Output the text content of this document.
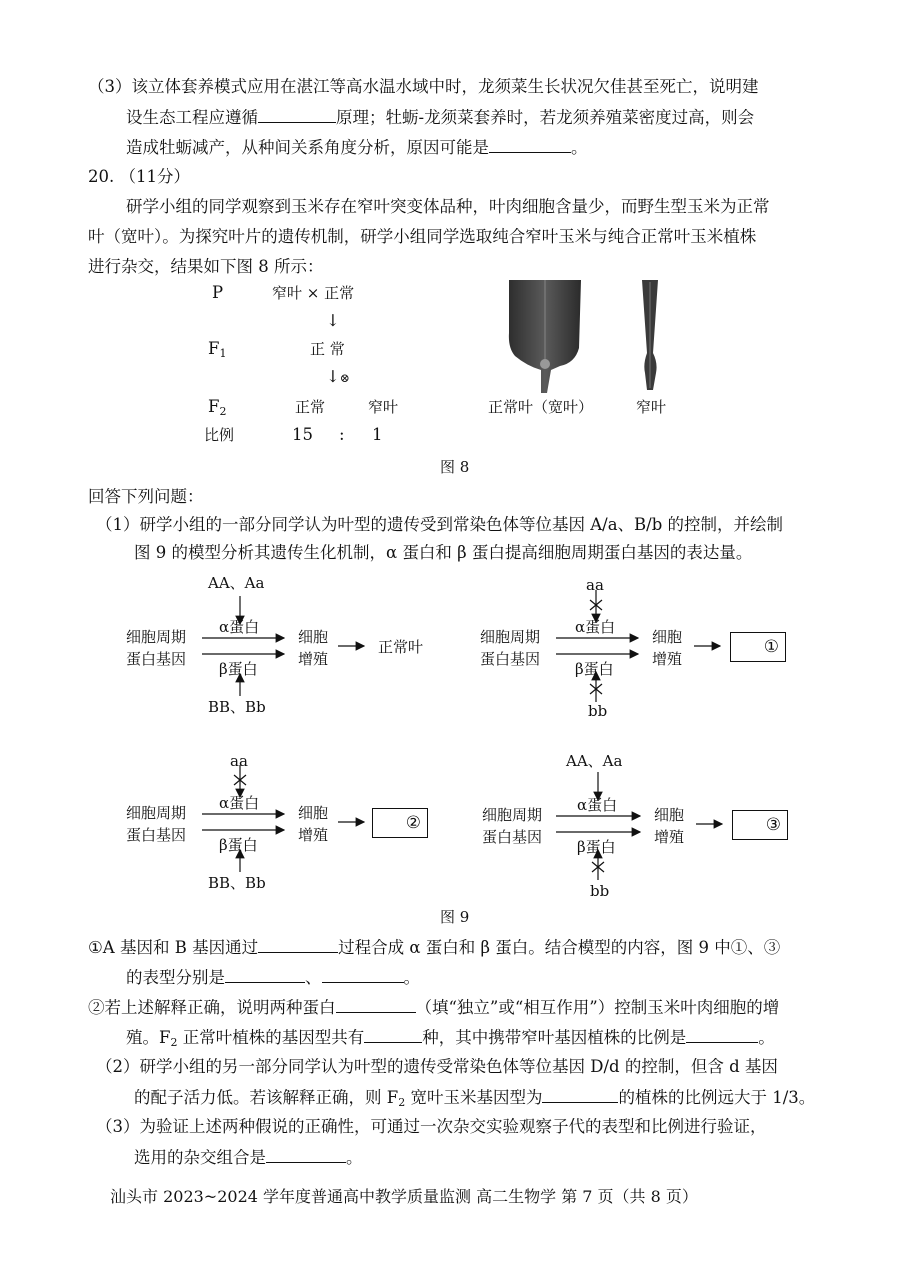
（3）该立体套养模式应用在湛江等高水温水域中时，龙须菜生长状况欠佳甚至死亡，说明建
设生态工程应遵循	原理；牡蛎-龙须菜套养时，若龙须养殖菜密度过高，则会
造成牡蛎减产，从种间关系角度分析，原因可能是	。
20. （11分）
研学小组的同学观察到玉米存在窄叶突变体品种，叶肉细胞含量少，而野生型玉米为正常
叶（宽叶）。为探究叶片的遗传机制，研学小组同学选取纯合窄叶玉米与纯合正常叶玉米植株
进行杂交，结果如下图 8 所示：
P	窄叶 × 正常
↓
$F_1$	正 常
↓⊗
$F_2$	正常	窄叶
比例	15 : 1
正常叶（宽叶）	窄叶
图 8
回答下列问题：
（1）研学小组的一部分同学认为叶型的遗传受到常染色体等位基因 A/a、B/b 的控制，并绘制
图 9 的模型分析其遗传生化机制，α 蛋白和 β 蛋白提高细胞周期蛋白基因的表达量。
AA、Aa
α蛋白
细胞周期
蛋白基因
β蛋白
细胞
增殖
正常叶
BB、Bb
aa
α蛋白
细胞周期
蛋白基因
β蛋白
细胞
增殖
①
bb
aa
α蛋白
细胞周期
蛋白基因
β蛋白
细胞
增殖
②
BB、Bb
AA、Aa
α蛋白
细胞周期
蛋白基因
β蛋白
细胞
增殖
③
bb
图 9
①A 基因和 B 基因通过	过程合成 α 蛋白和 β 蛋白。结合模型的内容，图 9 中①、③
的表型分别是	、	。
②若上述解释正确，说明两种蛋白	（填“独立”或“相互作用”）控制玉米叶肉细胞的增
殖。$F_2$ 正常叶植株的基因型共有	种，其中携带窄叶基因植株的比例是	。
（2）研学小组的另一部分同学认为叶型的遗传受常染色体等位基因 D/d 的控制，但含 d 基因
的配子活力低。若该解释正确，则 $F_2$ 宽叶玉米基因型为	的植株的比例远大于 1/3。
（3）为验证上述两种假说的正确性，可通过一次杂交实验观察子代的表型和比例进行验证，
选用的杂交组合是	。
汕头市 2023~2024 学年度普通高中教学质量监测 高二生物学 第 7 页（共 8 页）
